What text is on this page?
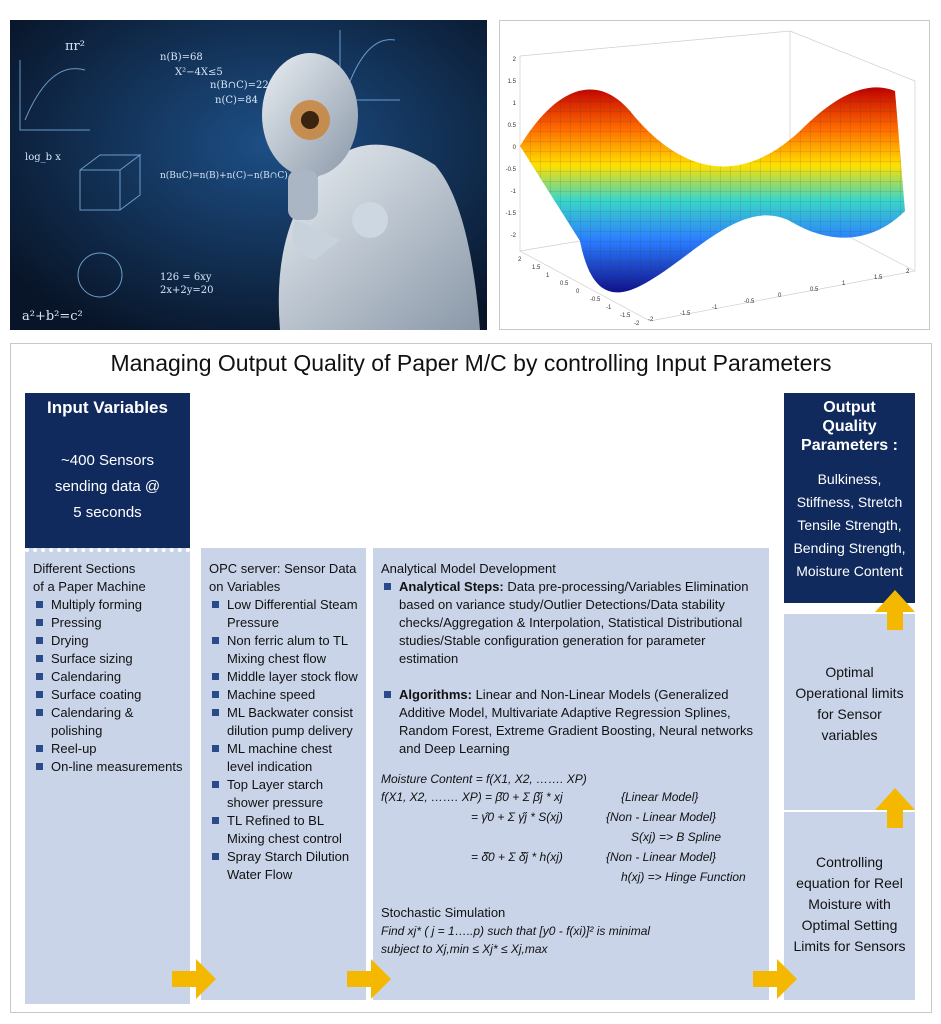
n(B)=68
X²−4X≤5
n(B∩C)=22
n(C)=84
n(BuC)=n(B)+n(C)−n(B∩C)
log_b x
a²+b²=c²
126 = 6xy
2x+2y=20
πr²
2
1.5
1
0.5
0
-0.5
-1
-1.5
-2
2
1.5
1
0.5
0
-0.5
-1
-1.5
-2
-2
-1.5
-1
-0.5
0
0.5
1
1.5
2
Managing Output Quality of Paper M/C by controlling Input Parameters
Input Variables
~400 Sensors
sending data @
5 seconds
Different Sections
of a Paper Machine
Multiply forming
Pressing
Drying
Surface sizing
Calendaring
Surface coating
Calendaring & polishing
Reel-up
On-line measurements
OPC server: Sensor Data
on Variables
Low Differential Steam Pressure
Non ferric alum to TL Mixing chest flow
Middle layer stock flow
Machine speed
ML Backwater consist dilution pump delivery
ML machine chest level indication
Top Layer starch shower pressure
TL Refined to BL Mixing chest control
Spray Starch Dilution Water Flow
Analytical Model Development
Analytical Steps: Data pre-processing/Variables Elimination based on variance study/Outlier Detections/Data stability checks/Aggregation & Interpolation, Statistical Distributional studies/Stable configuration generation for parameter estimation
Algorithms: Linear and Non-Linear Models (Generalized Additive Model, Multivariate Adaptive Regression Splines, Random Forest, Extreme Gradient Boosting, Neural networks and Deep Learning
Moisture Content = f(X1, X2, ……. XP)
f(X1, X2, ……. XP) = β̂0 + Σ β̂j * xj	{Linear Model}
= γ̂0 + Σ γ̂j * S(xj)	{Non - Linear Model}
S(xj) => B Spline
= δ̂0 + Σ δ̂j * h(xj)	{Non - Linear Model}
h(xj) => Hinge Function
Stochastic Simulation
Find xj* ( j = 1…..p) such that [y0 - f(xi)]² is minimal
subject to Xj,min ≤ Xj* ≤ Xj,max
Output
Quality
Parameters :
Bulkiness,
Stiffness, Stretch
Tensile Strength,
Bending Strength,
Moisture Content
Optimal
Operational limits
for Sensor
variables
Controlling
equation for Reel
Moisture with
Optimal Setting
Limits for Sensors
